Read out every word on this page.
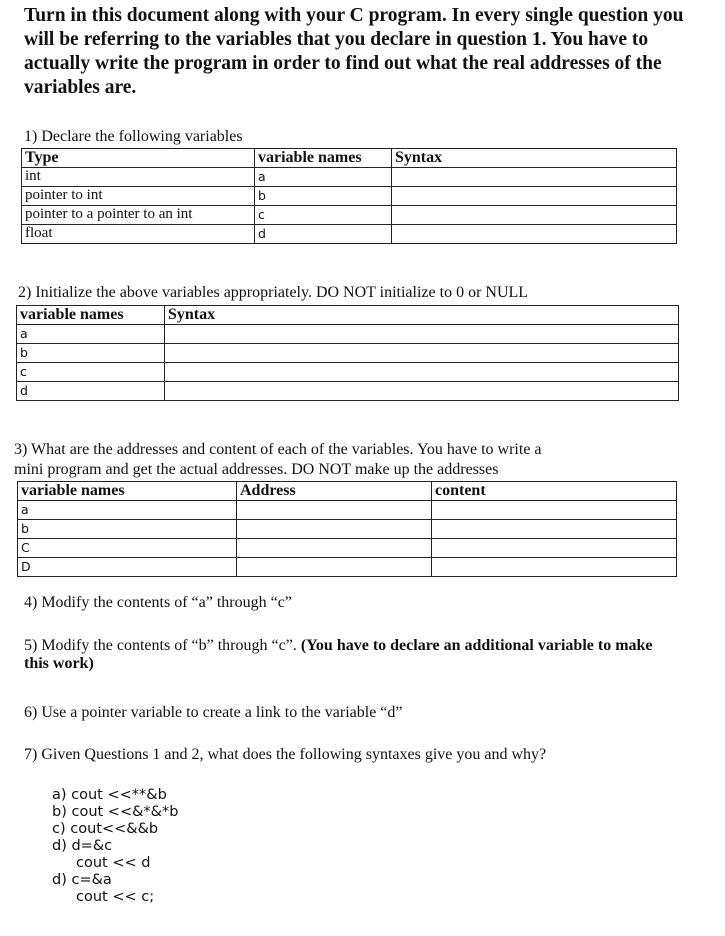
Turn in this document along with your C program. In every single question you will be referring to the variables that you declare in question 1. You have to actually write the program in order to find out what the real addresses of the variables are.

1) Declare the following variables

Type	variable names	Syntax
int	a	
pointer to int	b	
pointer to a pointer to an int	c	
float	d	

2) Initialize the above variables appropriately. DO NOT initialize to 0 or NULL

variable names	Syntax
a	
b	
c	
d	

3) What are the addresses and content of each of the variables. You have to write a

mini program and get the actual addresses. DO NOT make up the addresses

variable names	Address	content
a		
b		
C		
D		

4) Modify the contents of “a” through “c”

5) Modify the contents of “b” through “c”. (You have to declare an additional variable to make this work)

6) Use a pointer variable to create a link to the variable “d”

7) Given Questions 1 and 2, what does the following syntaxes give you and why?

a) cout <<**&b
b) cout <<&*&*b
c) cout<<&&b
d) d=&c
cout << d
d) c=&a
cout << c;
